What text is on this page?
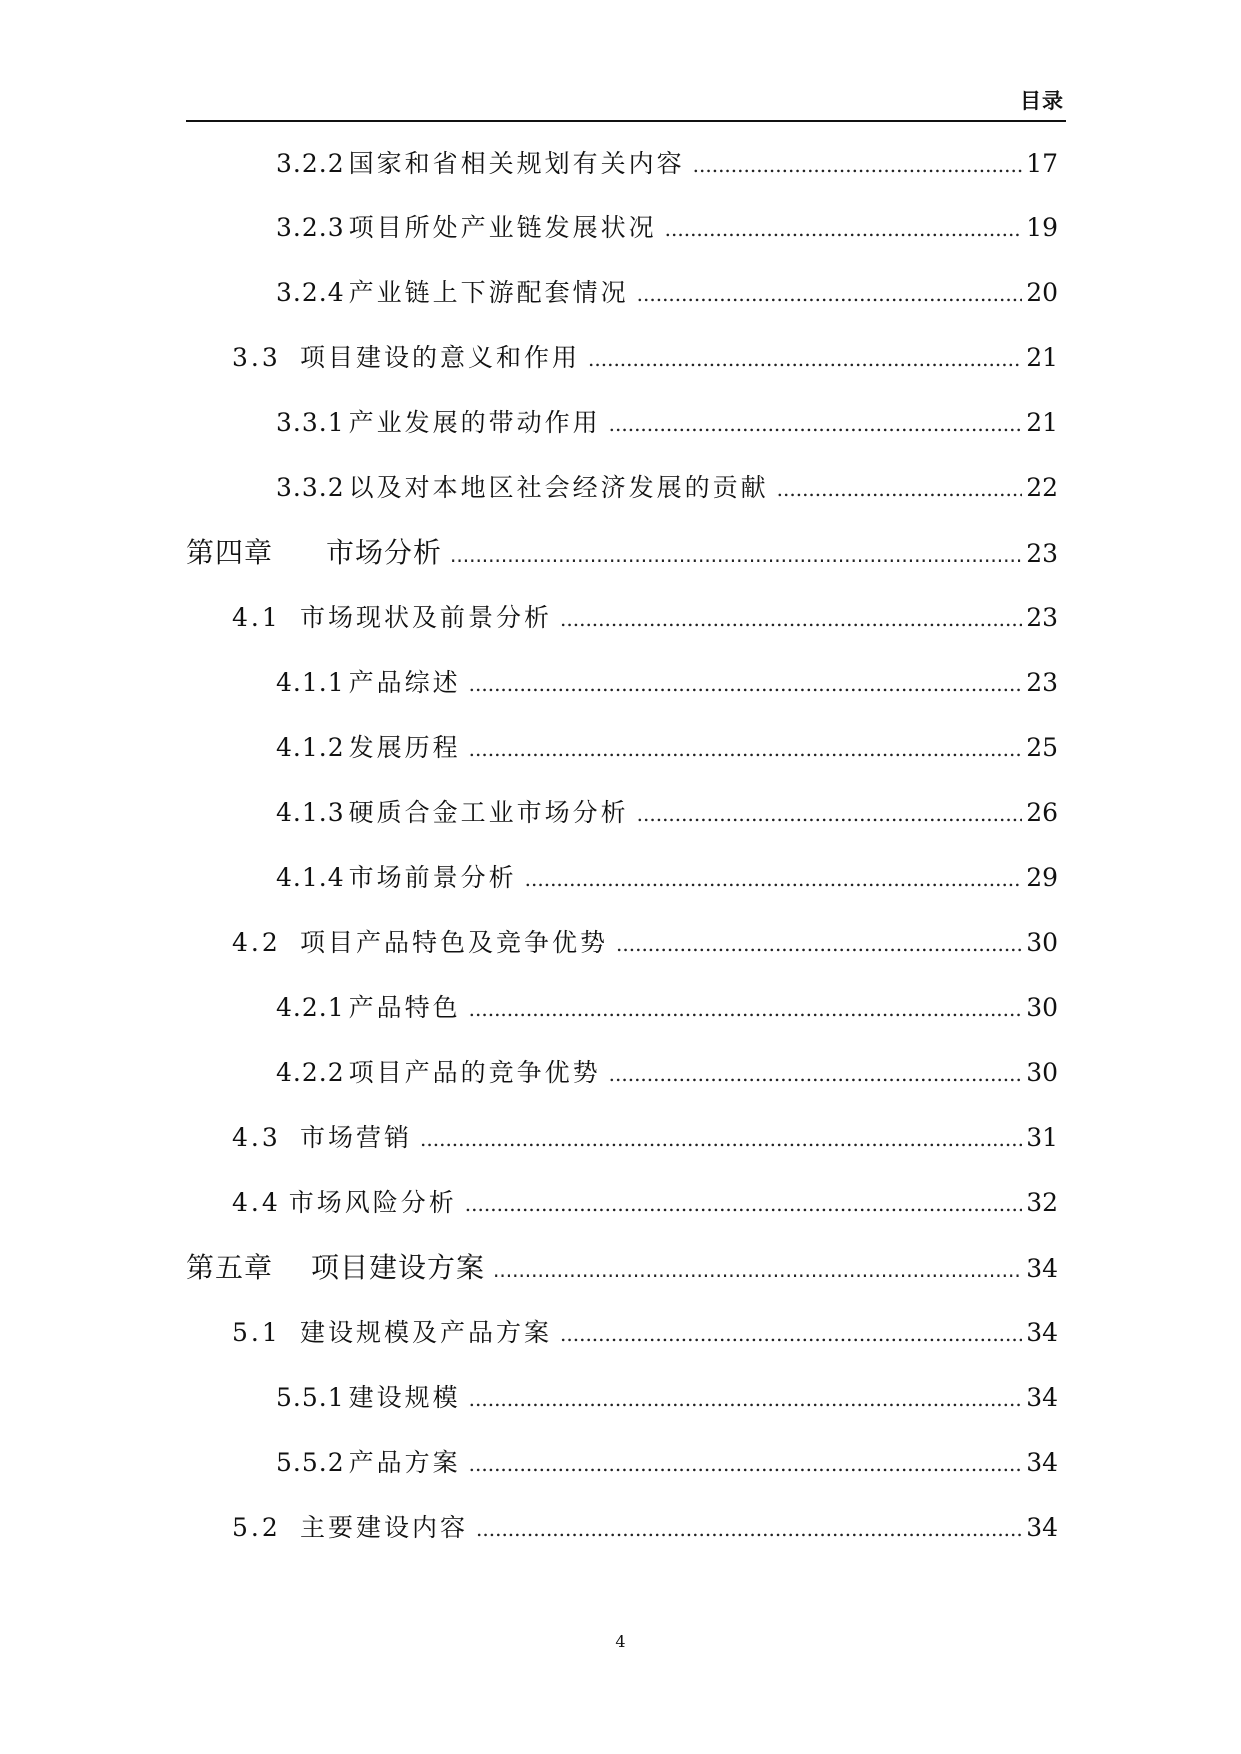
目录
3.2.2 国家和省相关规划有关内容 .....	17
3.2.3 项目所处产业链发展状况 .....	19
3.2.4 产业链上下游配套情况 .....	20
3.3 项目建设的意义和作用 .....	21
3.3.1 产业发展的带动作用 .....	21
3.3.2 以及对本地区社会经济发展的贡献 .....	22
第四章	市场分析 .....	23
4.1 市场现状及前景分析 .....	23
4.1.1 产品综述 .....	23
4.1.2 发展历程 .....	25
4.1.3 硬质合金工业市场分析 .....	26
4.1.4 市场前景分析 .....	29
4.2 项目产品特色及竞争优势 .....	30
4.2.1 产品特色 .....	30
4.2.2 项目产品的竞争优势 .....	30
4.3 市场营销 .....	31
4.4 市场风险分析 .....	32
第五章	项目建设方案 .....	34
5.1 建设规模及产品方案 .....	34
5.5.1 建设规模 .....	34
5.5.2 产品方案 .....	34
5.2 主要建设内容 .....	34
4
